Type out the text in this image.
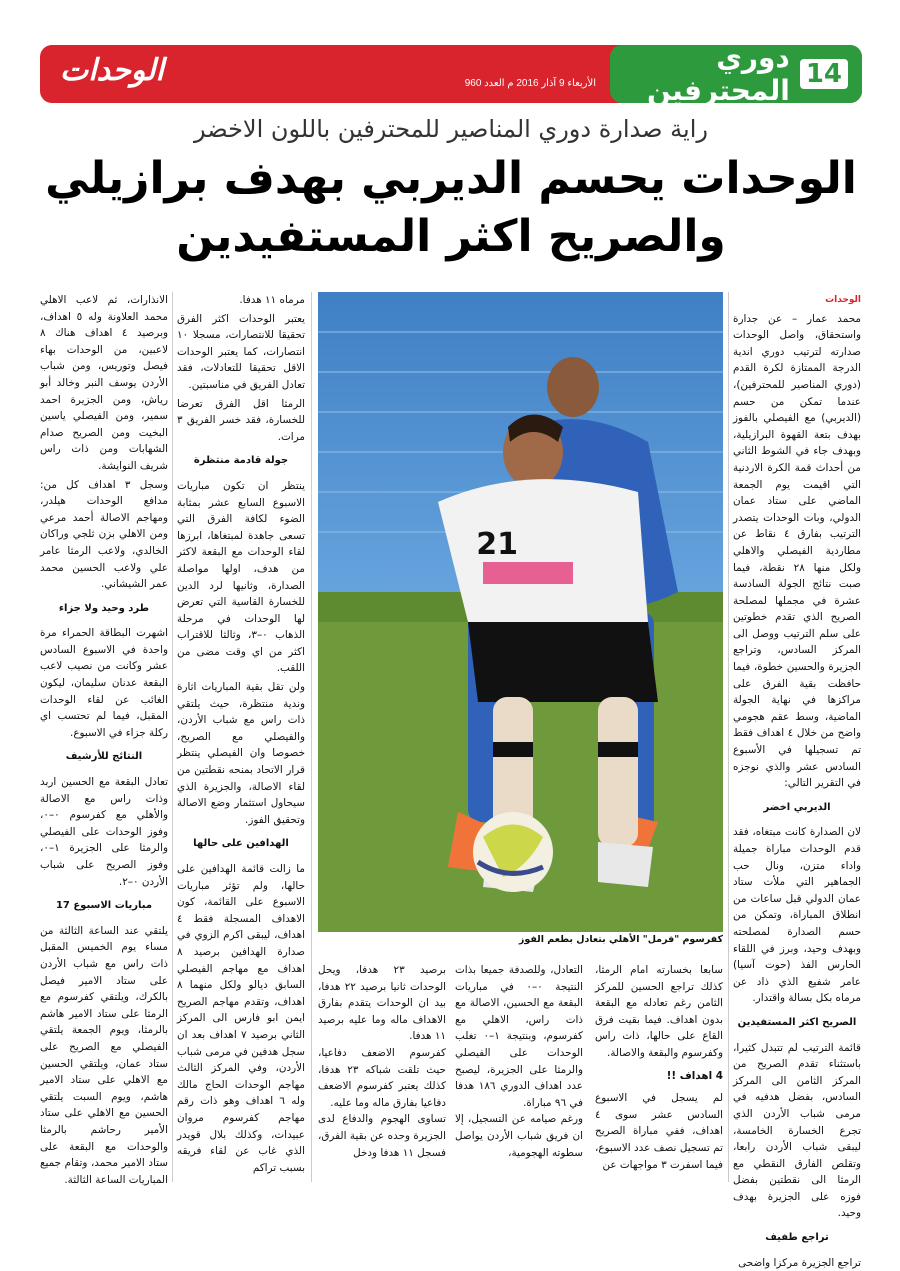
14
دوري المحترفين
الأربعاء 9 آذار 2016 م العدد 960
الوحدات
راية صدارة دوري المناصير للمحترفين باللون الاخضر
الوحدات يحسم الديربي بهدف برازيلي
والصريح اكثر المستفيدين
الوحدات

محمد عمار – عن جدارة واستحقاق، واصل الوحدات صدارته لترتيب دوري اندية الدرجة الممتازة لكرة القدم (دوري المناصير للمحترفين)، عندما تمكن من حسم (الديربي) مع الفيصلي بالفوز بهدف بتعة القهوة البرازيلية، وبهدف جاء في الشوط الثاني من أحداث قمة الكرة الاردنية التي اقيمت يوم الجمعة الماضي على ستاد عمان الدولي، وبات الوحدات يتصدر الترتيب بفارق ٤ نقاط عن مطاردية الفيصلي والاهلي ولكل منها ٢٨ نقطة، فيما صبت نتائج الجولة السادسة عشرة في مجملها لمصلحة الصريح الذي تقدم خطوتين على سلم الترتيب ووصل الى المركز السادس، وتراجع الجزيرة والحسين خطوة، فيما حافظت بقية الفرق على مراكزها في نهاية الجولة الماضية، وسط عقم هجومي واضح من خلال ٤ اهداف فقط تم تسجيلها في الأسبوع السادس عشر والذي نوجزه في التقرير التالي:

الديربي اخضر

لان الصدارة كانت مبتغاه، فقد قدم الوحدات مباراة جميلة واداء متزن، ونال حب الجماهير التي ملأت ستاد عمان الدولي قبل ساعات من انطلاق المباراة، وتمكن من حسم الصدارة لمصلحته وبهدف وحيد، وبرز في اللقاء الحارس الفذ (حوت آسيا) عامر شفيع الذي ذاد عن مرماه بكل بسالة واقتدار.

الصريح اكثر المستفيدين

قائمة الترتيب لم تتبدل كثيرا، باستثناء تقدم الصريح من المركز الثامن الى المركز السادس، بفضل هدفيه في مرمى شباب الأردن الذي تجرع الخسارة الخامسة، ليبقى شباب الأردن رابعا، وتقلص الفارق النقطي مع الرمثا الى نقطتين بفضل فوزه على الجزيرة بهدف وحيد.

تراجع طفيف

تراجع الجزيرة مركزا واضحى

21
كفرسوم "فرمل" الأهلي بتعادل بطعم الفوز

سابعا بخسارته امام الرمثا، كذلك تراجع الحسين للمركز الثامن رغم تعادله مع البقعة بدون اهداف. فيما بقيت فرق القاع على حالها، ذات راس وكفرسوم والبقعة والاصالة.

4 اهداف !!

لم يسجل في الاسبوع السادس عشر سوى ٤ اهداف، ففي مباراة الصريح تم تسجيل نصف عدد الاسبوع، فيما اسفرت ٣ مواجهات عن

التعادل، وللصدفة جميعا بذات النتيجة ٠–٠ في مباريات البقعة مع الحسين، الاصالة مع ذات راس، الاهلي مع كفرسوم، وبنتيجة ١–٠ تغلب الوحدات على الفيصلي والرمثا على الجزيرة، ليصبح عدد اهداف الدوري ١٨٦ هدفا في ٩٦ مباراة.

ورغم صيامه عن التسجيل، إلا ان فريق شباب الأردن يواصل سطوته الهجومية،

برصيد ٢٣ هدفا، ويحل الوحدات ثانيا برصيد ٢٢ هدفا، بيد ان الوحدات يتقدم بفارق الاهداف ماله وما عليه برصيد ١١ هدفا.

كفرسوم الاضعف دفاعيا، حيث تلقت شباكه ٢٣ هدفا، كذلك يعتبر كفرسوم الاضعف دفاعيا بفارق ماله وما عليه.

تساوى الهجوم والدفاع لدى الجزيرة وحده عن بقية الفرق، فسجل ١١ هدفا ودخل

مرماه ١١ هدفا.

يعتبر الوحدات اكثر الفرق تحقيقا للانتصارات، مسجلا ١٠ انتصارات، كما يعتبر الوحدات الاقل تحقيقا للتعادلات، فقد تعادل الفريق في مناسبتين.

الرمثا اقل الفرق تعرضا للخسارة، فقد خسر الفريق ٣ مرات.

جولة قادمة منتظرة

ينتظر ان تكون مباريات الاسبوع السابع عشر بمثابة الضوء لكافة الفرق التي تسعى جاهدة لمبتغاها، ابرزها لقاء الوحدات مع البقعة لاكثر من هدف، اولها مواصلة الصدارة، وثانيها لرد الدين للخسارة القاسية التي تعرض لها الوحدات في مرحلة الذهاب ٠–٣، وثالثا للاقتراب اكثر من اي وقت مضى من اللقب.

ولن تقل بقية المباريات اثارة وندية منتظرة، حيث يلتقي ذات راس مع شباب الأردن، والفيصلي مع الصريح، خصوصا وان الفيصلي ينتظر قرار الاتحاد بمنحه نقطتين من لقاء الاصالة، والجزيرة الذي سيحاول استثمار وضع الاصالة وتحقيق الفوز.

الهدافين على حالها

ما زالت قائمة الهدافين على حالها، ولم تؤثر مباريات الاسبوع على القائمة، كون الاهداف المسجلة فقط ٤ اهداف، ليبقى اكرم الزوي في صدارة الهدافين برصيد ٨ اهداف مع مهاجم الفيصلي السابق ديالو ولكل منهما ٨ اهداف، وتقدم مهاجم الصريح ايمن ابو فارس الى المركز الثاني برصيد ٧ اهداف بعد ان سجل هدفين في مرمى شباب الأردن، وفي المركز الثالث مهاجم الوحدات الحاج مالك وله ٦ اهداف وهو ذات رقم مهاجم كفرسوم مروان عبيدات، وكذلك بلال قويدر الذي غاب عن لقاء فريقه بسبب تراكم

الانذارات، ثم لاعب الاهلي محمد العلاونة وله ٥ اهداف، وبرصيد ٤ اهداف هناك ٨ لاعبين، من الوحدات بهاء فيصل وتوريس، ومن شباب الأردن يوسف النبر وخالد أبو رياش، ومن الجزيرة احمد سمير، ومن الفيصلي ياسين البخيت ومن الصريح صدام الشهابات ومن ذات راس شريف النوايشة.

وسجل ٣ اهداف كل من: مدافع الوحدات هيلدر، ومهاجم الاصالة أحمد مرعي ومن الاهلي بزن ثلجي وراكان الخالدي، ولاعب الرمثا عامر علي ولاعب الحسين محمد عمر الشيشاني.

طرد وحيد ولا جزاء

اشهرت البطاقة الحمراء مرة واحدة في الاسبوع السادس عشر وكانت من نصيب لاعب البقعة عدنان سليمان، ليكون الغائب عن لقاء الوحدات المقبل، فيما لم تحتسب اي ركلة جزاء في الاسبوع.

النتائج للأرشيف

تعادل البقعة مع الحسين اربد وذات راس مع الاصالة والأهلي مع كفرسوم ٠–٠، وفوز الوحدات على الفيصلي والرمثا على الجزيرة ١–٠، وفوز الصريح على شباب الأردن ٠–٢.

مباريات الاسبوع 17

يلتقي عند الساعة الثالثة من مساء يوم الخميس المقبل ذات راس مع شباب الأردن على ستاد الامير فيصل بالكرك، ويلتقي كفرسوم مع الرمثا على ستاد الامير هاشم بالرمثا، ويوم الجمعة يلتقي الفيصلي مع الصريح على ستاد عمان، ويلتقي الحسين مع الاهلي على ستاد الامير هاشم، ويوم السبت يلتقي الحسين مع الاهلي على ستاد الأمير رحاشم بالرمثا والوحدات مع البقعة على ستاد الامير محمد، وتقام جميع المباريات الساعة الثالثة.
